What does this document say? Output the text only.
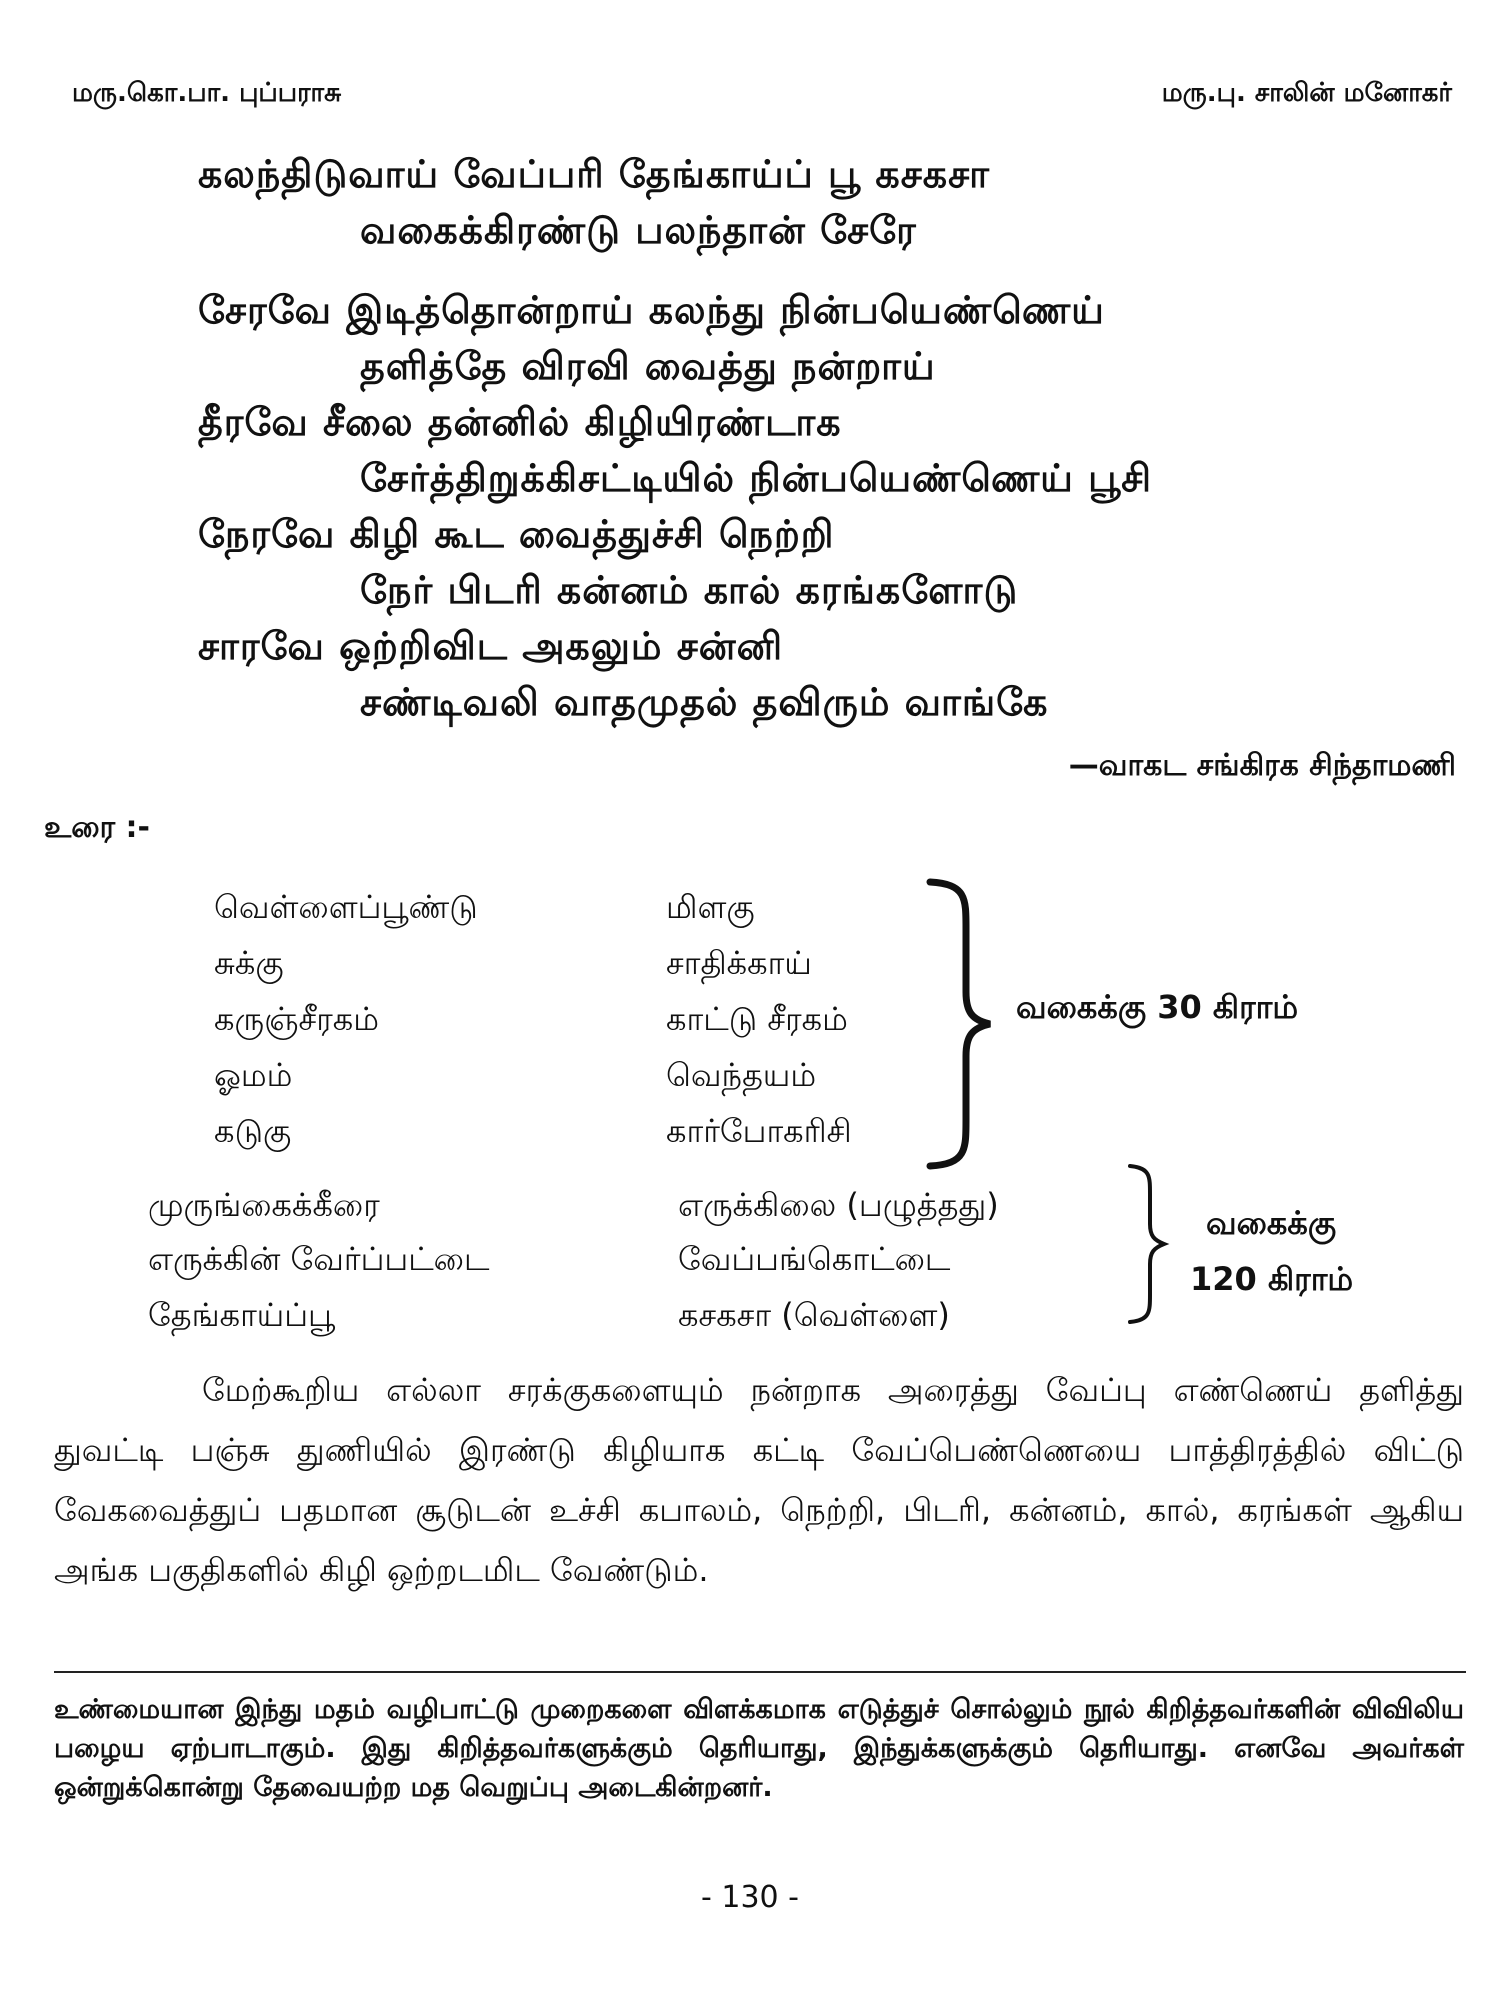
மரு.கொ.பா. புப்பராசு	மரு.பு. சாலின் மனோகர்
கலந்திடுவாய் வேப்பரி தேங்காய்ப் பூ கசகசா
வகைக்கிரண்டு பலந்தான் சேரே
சேரவே இடித்தொன்றாய் கலந்து நின்பயெண்ணெய்
தளித்தே விரவி வைத்து நன்றாய்
தீரவே சீலை தன்னில் கிழியிரண்டாக
சேர்த்திறுக்கிசட்டியில் நின்பயெண்ணெய் பூசி
நேரவே கிழி கூட வைத்துச்சி நெற்றி
நேர் பிடரி கன்னம் கால் கரங்களோடு
சாரவே ஒற்றிவிட அகலும் சன்னி
சண்டிவலி வாதமுதல் தவிரும் வாங்கே
—வாகட சங்கிரக சிந்தாமணி
உரை :-
வெள்ளைப்பூண்டு
சுக்கு
கருஞ்சீரகம்
ஓமம்
கடுகு
மிளகு
சாதிக்காய்
காட்டு சீரகம்
வெந்தயம்
கார்போகரிசி
வகைக்கு 30 கிராம்
முருங்கைக்கீரை
எருக்கின் வேர்ப்பட்டை
தேங்காய்ப்பூ
எருக்கிலை (பழுத்தது)
வேப்பங்கொட்டை
கசகசா (வெள்ளை)
வகைக்கு
120 கிராம்

மேற்கூறிய எல்லா சரக்குகளையும் நன்றாக அரைத்து வேப்பு எண்ணெய் தளித்து துவட்டி பஞ்சு துணியில் இரண்டு கிழியாக கட்டி வேப்பெண்ணெயை பாத்திரத்தில் விட்டு வேகவைத்துப் பதமான சூடுடன் உச்சி கபாலம், நெற்றி, பிடரி, கன்னம், கால், கரங்கள் ஆகிய அங்க பகுதிகளில் கிழி ஒற்றடமிட வேண்டும்.

உண்மையான இந்து மதம் வழிபாட்டு முறைகளை விளக்கமாக எடுத்துச் சொல்லும் நூல் கிறித்தவர்களின் விவிலிய பழைய ஏற்பாடாகும். இது கிறித்தவர்களுக்கும் தெரியாது, இந்துக்களுக்கும் தெரியாது. எனவே அவர்கள் ஒன்றுக்கொன்று தேவையற்ற மத வெறுப்பு அடைகின்றனர்.

- 130 -
